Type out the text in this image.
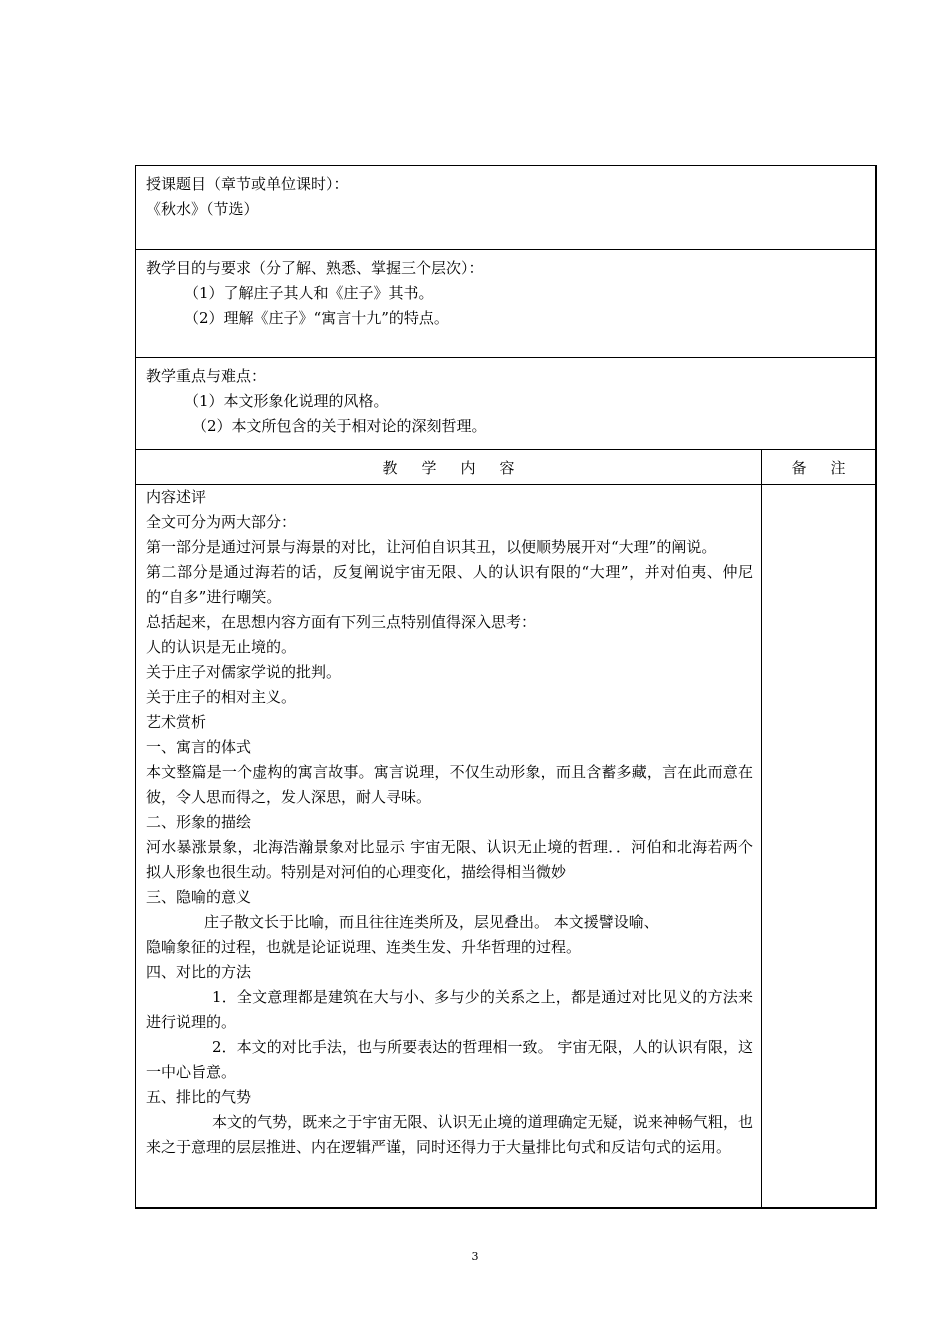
授课题目（章节或单位课时）：
《秋水》（节选）
教学目的与要求（分了解、熟悉、掌握三个层次）：
（1）了解庄子其人和《庄子》其书。
（2）理解《庄子》“寓言十九”的特点。
教学重点与难点：
（1）本文形象化说理的风格。
（2）本文所包含的关于相对论的深刻哲理。
教学内容	备注
内容述评
全文可分为两大部分：
第一部分是通过河景与海景的对比，让河伯自识其丑，以便顺势展开对“大理”的阐说。
第二部分是通过海若的话，反复阐说宇宙无限、人的认识有限的“大理”，并对伯夷、仲尼的“自多”进行嘲笑。
总括起来，在思想内容方面有下列三点特别值得深入思考：
人的认识是无止境的。
关于庄子对儒家学说的批判。
关于庄子的相对主义。
艺术赏析
一、寓言的体式
本文整篇是一个虚构的寓言故事。寓言说理，不仅生动形象，而且含蓄多藏，言在此而意在彼，令人思而得之，发人深思，耐人寻味。
二、形象的描绘
河水暴涨景象，北海浩瀚景象对比显示 宇宙无限、认识无止境的哲理．．河伯和北海若两个拟人形象也很生动。特别是对河伯的心理变化，描绘得相当微妙
三、隐喻的意义
庄子散文长于比喻，而且往往连类所及，层见叠出。 本文援譬设喻、
隐喻象征的过程，也就是论证说理、连类生发、升华哲理的过程。
四、对比的方法
1．全文意理都是建筑在大与小、多与少的关系之上，都是通过对比见义的方法来进行说理的。
2．本文的对比手法，也与所要表达的哲理相一致。 宇宙无限，人的认识有限，这一中心旨意。
五、排比的气势
本文的气势，既来之于宇宙无限、认识无止境的道理确定无疑，说来神畅气粗，也来之于意理的层层推进、内在逻辑严谨，同时还得力于大量排比句式和反诘句式的运用。
3
